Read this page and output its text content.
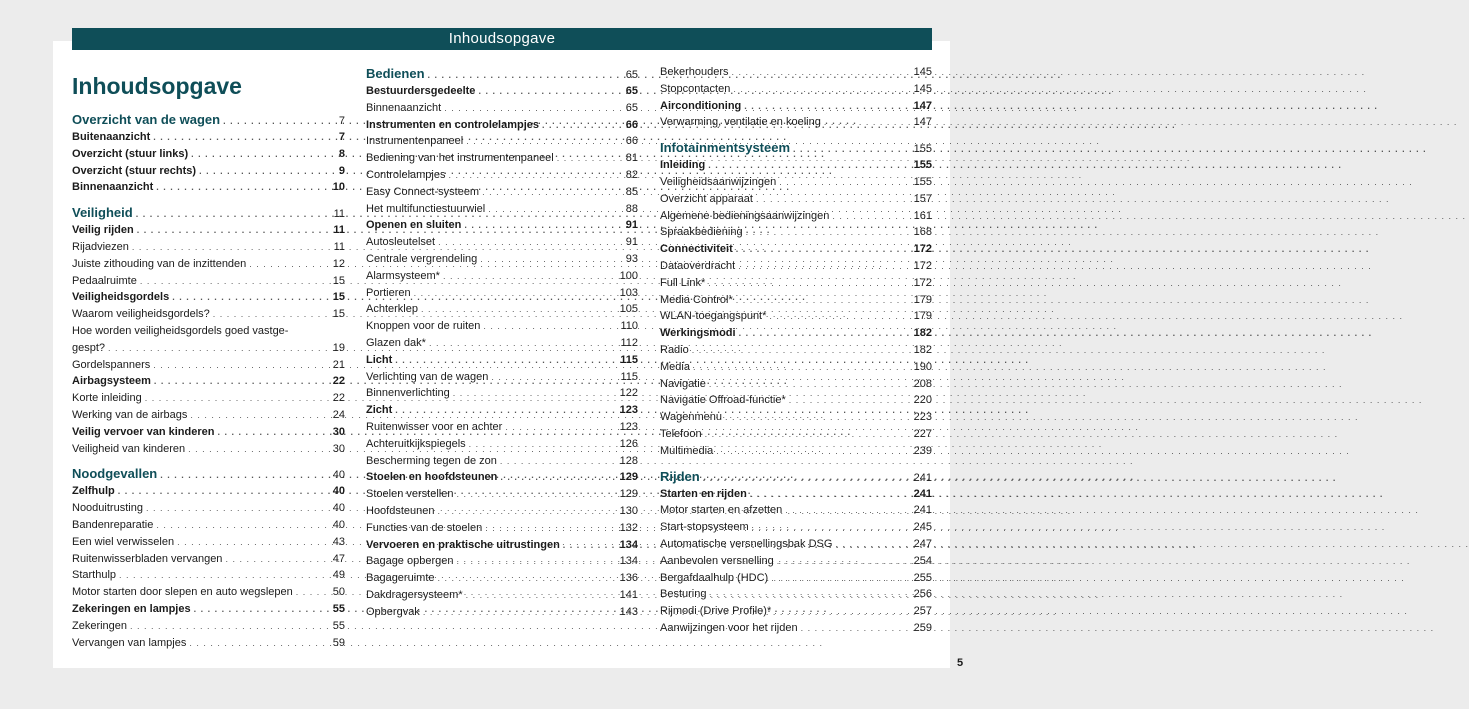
Inhoudsopgave
Inhoudsopgave
Overzicht van de wagen . . .	7
Buitenaanzicht . . .	7
Overzicht (stuur links) . . .	8
Overzicht (stuur rechts) . . .	9
Binnenaanzicht . . .	10
Veiligheid . . .	11
Veilig rijden . . .	11
Rijadviezen . . .	11
Juiste zithouding van de inzittenden . . .	12
Pedaalruimte . . .	15
Veiligheidsgordels . . .	15
Waarom veiligheidsgordels? . . .	15
Hoe worden veiligheidsgordels goed vastge-
gespt? . . .	19
Gordelspanners . . .	21
Airbagsysteem . . .	22
Korte inleiding . . .	22
Werking van de airbags . . .	24
Veilig vervoer van kinderen . . .	30
Veiligheid van kinderen . . .	30
Noodgevallen . . .	40
Zelfhulp . . .	40
Nooduitrusting . . .	40
Bandenreparatie . . .	40
Een wiel verwisselen . . .	43
Ruitenwisserbladen vervangen . . .	47
Starthulp . . .	49
Motor starten door slepen en auto wegslepen . . .	50
Zekeringen en lampjes . . .	55
Zekeringen . . .	55
Vervangen van lampjes . . .	59
Bedienen . . .	65
Bestuurdersgedeelte . . .	65
Binnenaanzicht . . .	65
Instrumenten en controlelampjes . . .	66
Instrumentenpaneel . . .	66
Bediening van het instrumentenpaneel . . .	81
Controlelampjes . . .	82
Easy Connect-systeem . . .	85
Het multifunctiestuurwiel . . .	88
Openen en sluiten . . .	91
Autosleutelset . . .	91
Centrale vergrendeling . . .	93
Alarmsysteem* . . .	100
Portieren . . .	103
Achterklep . . .	105
Knoppen voor de ruiten . . .	110
Glazen dak* . . .	112
Licht . . .	115
Verlichting van de wagen . . .	115
Binnenverlichting . . .	122
Zicht . . .	123
Ruitenwisser voor en achter . . .	123
Achteruitkijkspiegels . . .	126
Bescherming tegen de zon . . .	128
Stoelen en hoofdsteunen . . .	129
Stoelen verstellen . . .	129
Hoofdsteunen . . .	130
Functies van de stoelen . . .	132
Vervoeren en praktische uitrustingen . . .	134
Bagage opbergen . . .	134
Bagageruimte . . .	136
Dakdragersysteem* . . .	141
Opbergvak . . .	143
Bekerhouders . . .	145
Stopcontacten . . .	145
Airconditioning . . .	147
Verwarming, ventilatie en koeling . . .	147
Infotainmentsysteem . . .	155
Inleiding . . .	155
Veiligheidsaanwijzingen . . .	155
Overzicht apparaat . . .	157
Algemene bedieningsaanwijzingen . . .	161
Spraakbediening . . .	168
Connectiviteit . . .	172
Dataoverdracht . . .	172
Full Link* . . .	172
Media Control* . . .	179
WLAN-toegangspunt* . . .	179
Werkingsmodi . . .	182
Radio . . .	182
Media . . .	190
Navigatie . . .	208
Navigatie Offroad-functie* . . .	220
Wagenmenu . . .	223
Telefoon . . .	227
Multimedia . . .	239
Rijden . . .	241
Starten en rijden . . .	241
Motor starten en afzetten . . .	241
Start-stopsysteem . . .	245
Automatische versnellingsbak DSG . . .	247
Aanbevolen versnelling . . .	254
Bergafdaalhulp (HDC) . . .	255
Besturing . . .	256
Rijmodi (Drive Profile)* . . .	257
Aanwijzingen voor het rijden . . .	259
5
